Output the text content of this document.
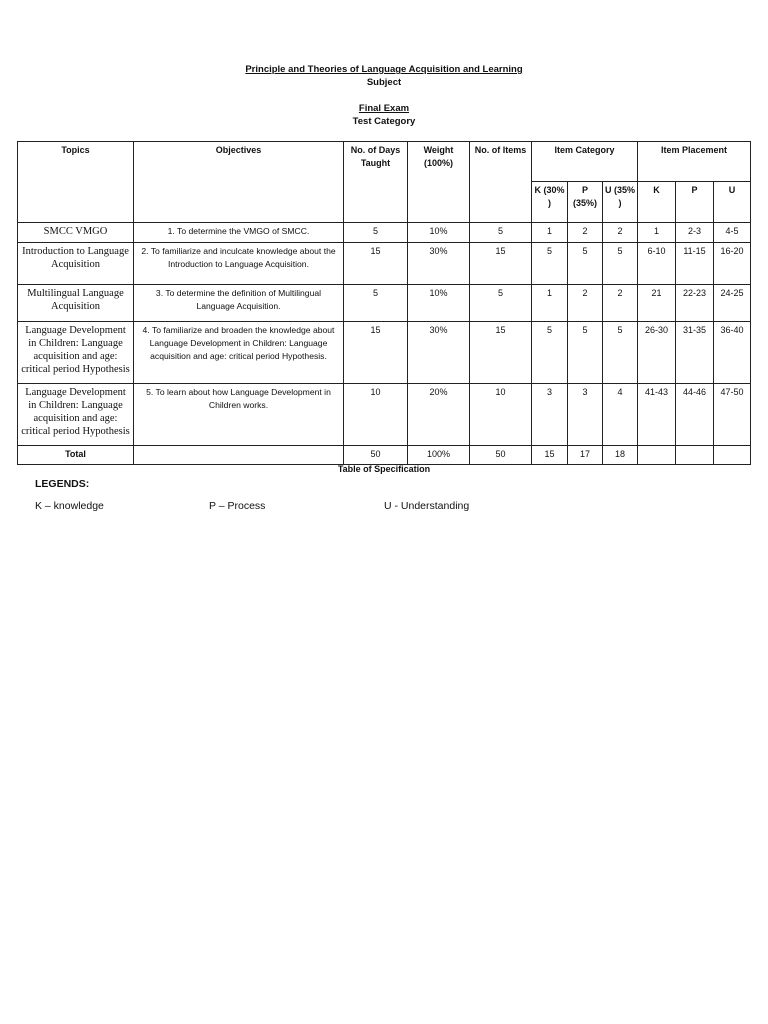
Principle and Theories of Language Acquisition and Learning
Subject
Final Exam
Test Category
Topics	Objectives	No. of Days Taught	Weight (100%)	No. of Items	Item Category			Item Placement		
					K (30% )	P (35%)	U (35% )	K	P	U
SMCC VMGO	1. To determine the VMGO of SMCC.	5	10%	5	1	2	2	1	2-3	4-5
Introduction to Language Acquisition	2. To familiarize and inculcate knowledge about the Introduction to Language Acquisition.	15	30%	15	5	5	5	6-10	11-15	16-20
Multilingual Language Acquisition	3. To determine the definition of Multilingual Language Acquisition.	5	10%	5	1	2	2	21	22-23	24-25
Language Development in Children: Language acquisition and age: critical period Hypothesis	4. To familiarize and broaden the knowledge about Language Development in Children: Language acquisition and age: critical period Hypothesis.	15	30%	15	5	5	5	26-30	31-35	36-40
Language Development in Children: Language acquisition and age: critical period Hypothesis	5. To learn about how Language Development in Children works.	10	20%	10	3	3	4	41-43	44-46	47-50
Total		50	100%	50	15	17	18			
Table of Specification
LEGENDS:
K – knowledge	P – Process	U - Understanding
